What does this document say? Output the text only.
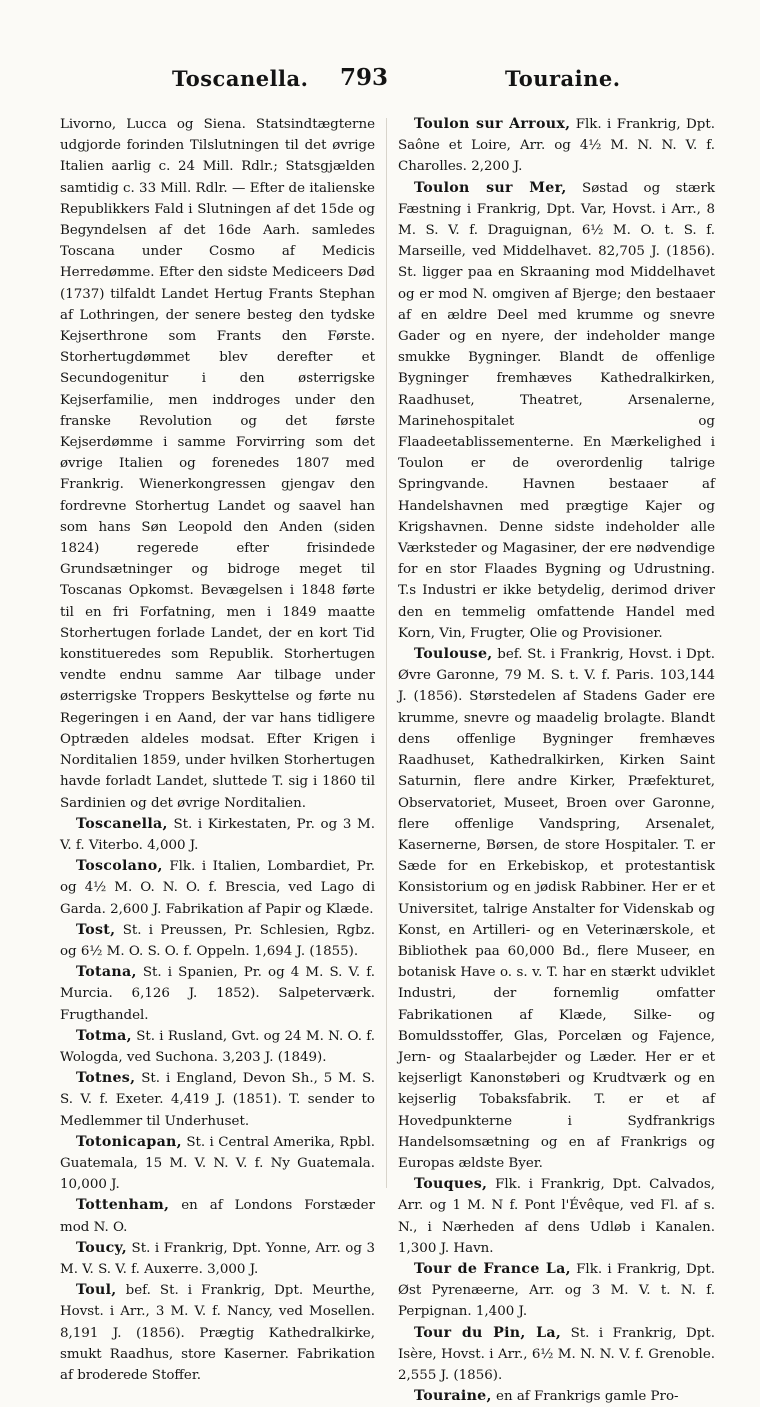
Toscanella. 793	Touraine.

Livorno, Lucca og Siena. Statsindtægterne udgjorde forinden Tilslutningen til det øvrige Italien aarlig c. 24 Mill. Rdlr.; Statsgjælden samtidig c. 33 Mill. Rdlr. — Efter de italienske Republikkers Fald i Slutningen af det 15de og Begyndelsen af det 16de Aarh. samledes Toscana under Cosmo af Medicis Herredømme. Efter den sidste Mediceers Død (1737) tilfaldt Landet Hertug Frants Stephan af Lothringen, der senere besteg den tydske Kejserthrone som Frants den Første. Storhertugdømmet blev derefter et Secundogenitur i den østerrigske Kejserfamilie, men inddroges under den franske Revolution og det første Kejserdømme i samme Forvirring som det øvrige Italien og forenedes 1807 med Frankrig. Wienerkongressen gjengav den fordrevne Storhertug Landet og saavel han som hans Søn Leopold den Anden (siden 1824) regerede efter frisindede Grundsætninger og bidroge meget til Toscanas Opkomst. Bevægelsen i 1848 førte til en fri Forfatning, men i 1849 maatte Storhertugen forlade Landet, der en kort Tid konstitueredes som Republik. Storhertugen vendte endnu samme Aar tilbage under østerrigske Troppers Beskyttelse og førte nu Regeringen i en Aand, der var hans tidligere Optræden aldeles modsat. Efter Krigen i Norditalien 1859, under hvilken Storhertugen havde forladt Landet, sluttede T. sig i 1860 til Sardinien og det øvrige Norditalien.

Toscanella, St. i Kirkestaten, Pr. og 3 M. V. f. Viterbo. 4,000 J.

Toscolano, Flk. i Italien, Lombardiet, Pr. og 4½ M. O. N. O. f. Brescia, ved Lago di Garda. 2,600 J. Fabrikation af Papir og Klæde.

Tost, St. i Preussen, Pr. Schlesien, Rgbz. og 6½ M. O. S. O. f. Oppeln. 1,694 J. (1855).

Totana, St. i Spanien, Pr. og 4 M. S. V. f. Murcia. 6,126 J. 1852). Salpeterværk. Frugthandel.

Totma, St. i Rusland, Gvt. og 24 M. N. O. f. Wologda, ved Suchona. 3,203 J. (1849).

Totnes, St. i England, Devon Sh., 5 M. S. S. V. f. Exeter. 4,419 J. (1851). T. sender to Medlemmer til Underhuset.

Totonicapan, St. i Central Amerika, Rpbl. Guatemala, 15 M. V. N. V. f. Ny Guatemala. 10,000 J.

Tottenham, en af Londons Forstæder mod N. O.

Toucy, St. i Frankrig, Dpt. Yonne, Arr. og 3 M. V. S. V. f. Auxerre. 3,000 J.

Toul, bef. St. i Frankrig, Dpt. Meurthe, Hovst. i Arr., 3 M. V. f. Nancy, ved Mosellen. 8,191 J. (1856). Prægtig Kathedralkirke, smukt Raadhus, store Kaserner. Fabrikation af broderede Stoffer.

Toulon sur Arroux, Flk. i Frankrig, Dpt. Saône et Loire, Arr. og 4½ M. N. N. V. f. Charolles. 2,200 J.

Toulon sur Mer, Søstad og stærk Fæstning i Frankrig, Dpt. Var, Hovst. i Arr., 8 M. S. V. f. Draguignan, 6½ M. O. t. S. f. Marseille, ved Middelhavet. 82,705 J. (1856). St. ligger paa en Skraaning mod Middelhavet og er mod N. omgiven af Bjerge; den bestaaer af en ældre Deel med krumme og snevre Gader og en nyere, der indeholder mange smukke Bygninger. Blandt de offenlige Bygninger fremhæves Kathedralkirken, Raadhuset, Theatret, Arsenalerne, Marinehospitalet og Flaadeetablissementerne. En Mærkelighed i Toulon er de overordenlig talrige Springvande. Havnen bestaaer af Handelshavnen med prægtige Kajer og Krigshavnen. Denne sidste indeholder alle Værksteder og Magasiner, der ere nødvendige for en stor Flaades Bygning og Udrustning. T.s Industri er ikke betydelig, derimod driver den en temmelig omfattende Handel med Korn, Vin, Frugter, Olie og Provisioner.

Toulouse, bef. St. i Frankrig, Hovst. i Dpt. Øvre Garonne, 79 M. S. t. V. f. Paris. 103,144 J. (1856). Størstedelen af Stadens Gader ere krumme, snevre og maadelig brolagte. Blandt dens offenlige Bygninger fremhæves Raadhuset, Kathedralkirken, Kirken Saint Saturnin, flere andre Kirker, Præfekturet, Observatoriet, Museet, Broen over Garonne, flere offenlige Vandspring, Arsenalet, Kasernerne, Børsen, de store Hospitaler. T. er Sæde for en Erkebiskop, et protestantisk Konsistorium og en jødisk Rabbiner. Her er et Universitet, talrige Anstalter for Videnskab og Konst, en Artilleri- og en Veterinærskole, et Bibliothek paa 60,000 Bd., flere Museer, en botanisk Have o. s. v. T. har en stærkt udviklet Industri, der fornemlig omfatter Fabrikationen af Klæde, Silke- og Bomuldsstoffer, Glas, Porcelæn og Fajence, Jern- og Staalarbejder og Læder. Her er et kejserligt Kanonstøberi og Krudtværk og en kejserlig Tobaksfabrik. T. er et af Hovedpunkterne i Sydfrankrigs Handelsomsætning og en af Frankrigs og Europas ældste Byer.

Touques, Flk. i Frankrig, Dpt. Calvados, Arr. og 1 M. N f. Pont l'Évêque, ved Fl. af s. N., i Nærheden af dens Udløb i Kanalen. 1,300 J. Havn.

Tour de France La, Flk. i Frankrig, Dpt. Øst Pyrenæerne, Arr. og 3 M. V. t. N. f. Perpignan. 1,400 J.

Tour du Pin, La, St. i Frankrig, Dpt. Isère, Hovst. i Arr., 6½ M. N. N. V. f. Grenoble. 2,555 J. (1856).

Touraine, en af Frankrigs gamle Pro-
